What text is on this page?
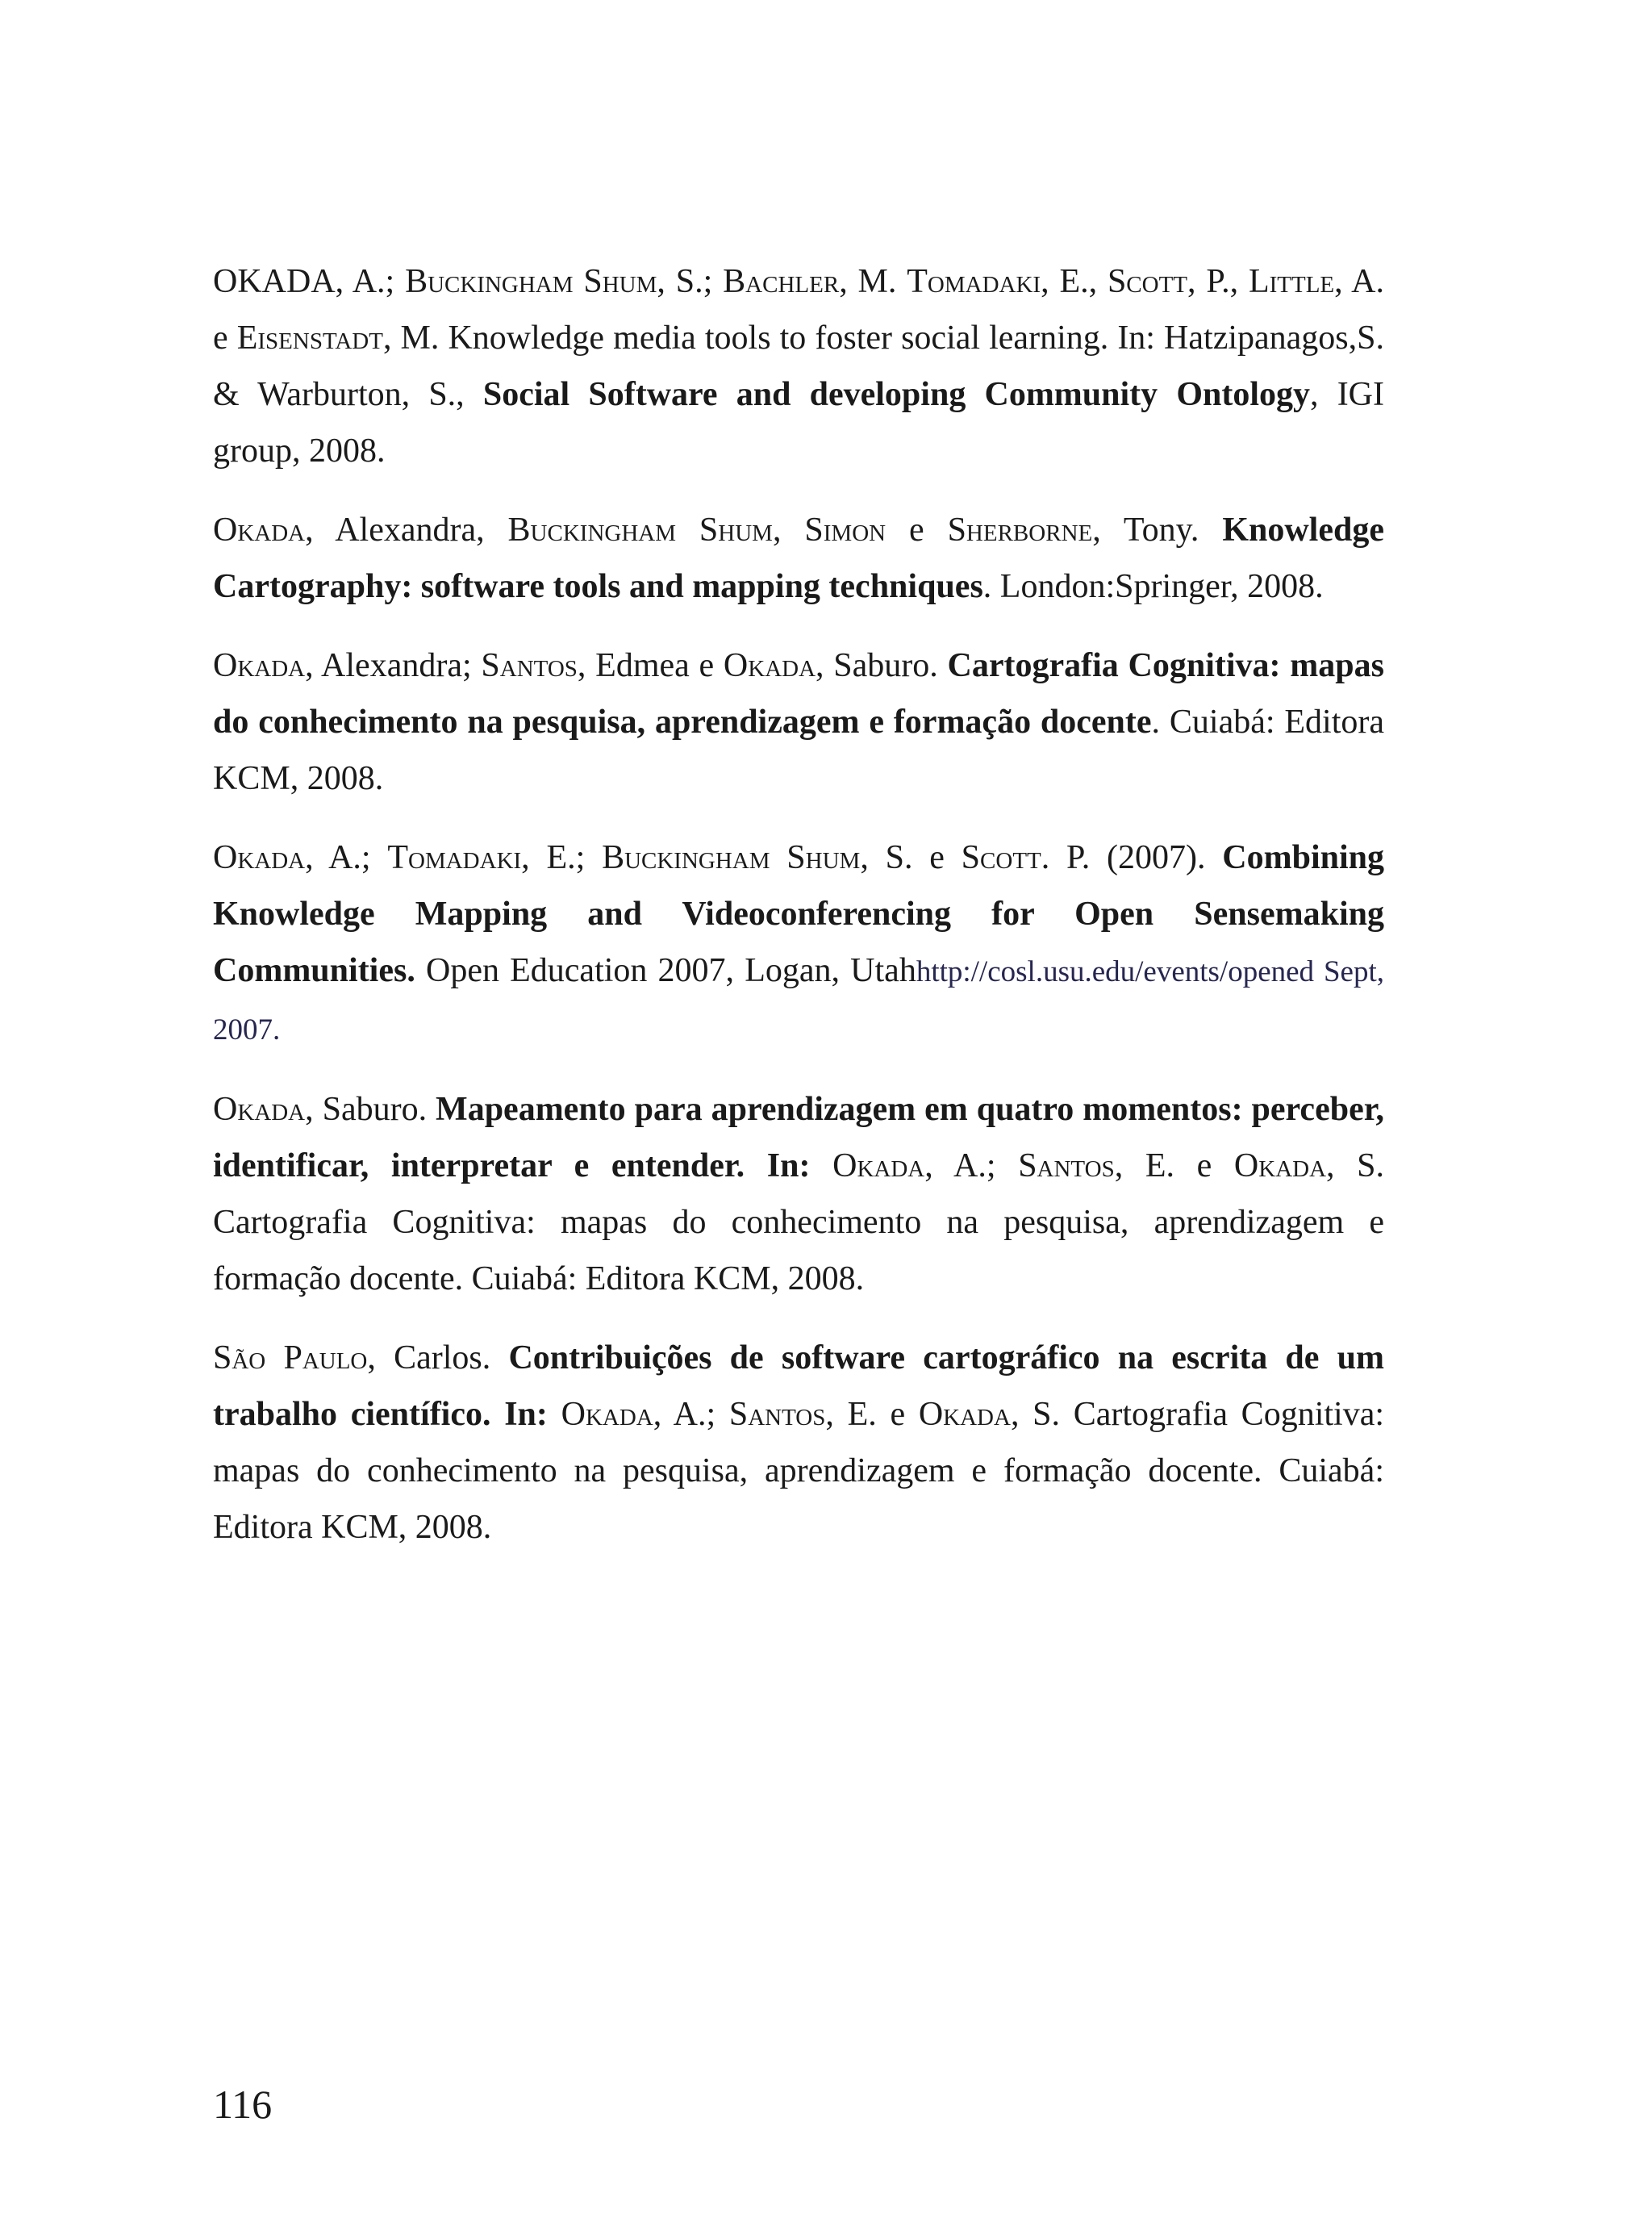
OKADA, A.; Buckingham Shum, S.; Bachler, M. Tomadaki, E., Scott, P., Little, A. e Eisenstadt, M. Knowledge media tools to foster social learning. In: Hatzipanagos,S. & Warburton, S., Social Software and developing Community Ontology, IGI group, 2008.

Okada, Alexandra, Buckingham Shum, Simon e Sherborne, Tony. Knowledge Cartography: software tools and mapping techniques. London:Springer, 2008.

Okada, Alexandra; Santos, Edmea e Okada, Saburo. Cartografia Cognitiva: mapas do conhecimento na pesquisa, aprendizagem e formação docente. Cuiabá: Editora KCM, 2008.

Okada, A.; Tomadaki, E.; Buckingham Shum, S. e Scott. P. (2007). Combining Knowledge Mapping and Videoconferencing for Open Sensemaking Communities. Open Education 2007, Logan, Utahhttp://cosl.usu.edu/events/opened Sept, 2007.

Okada, Saburo. Mapeamento para aprendizagem em quatro momentos: perceber, identificar, interpretar e entender. In: Okada, A.; Santos, E. e Okada, S. Cartografia Cognitiva: mapas do conhecimento na pesquisa, aprendizagem e formação docente. Cuiabá: Editora KCM, 2008.

São Paulo, Carlos. Contribuições de software cartográfico na escrita de um trabalho científico. In: Okada, A.; Santos, E. e Okada, S. Cartografia Cognitiva: mapas do conhecimento na pesquisa, aprendizagem e formação docente. Cuiabá: Editora KCM, 2008.

116
